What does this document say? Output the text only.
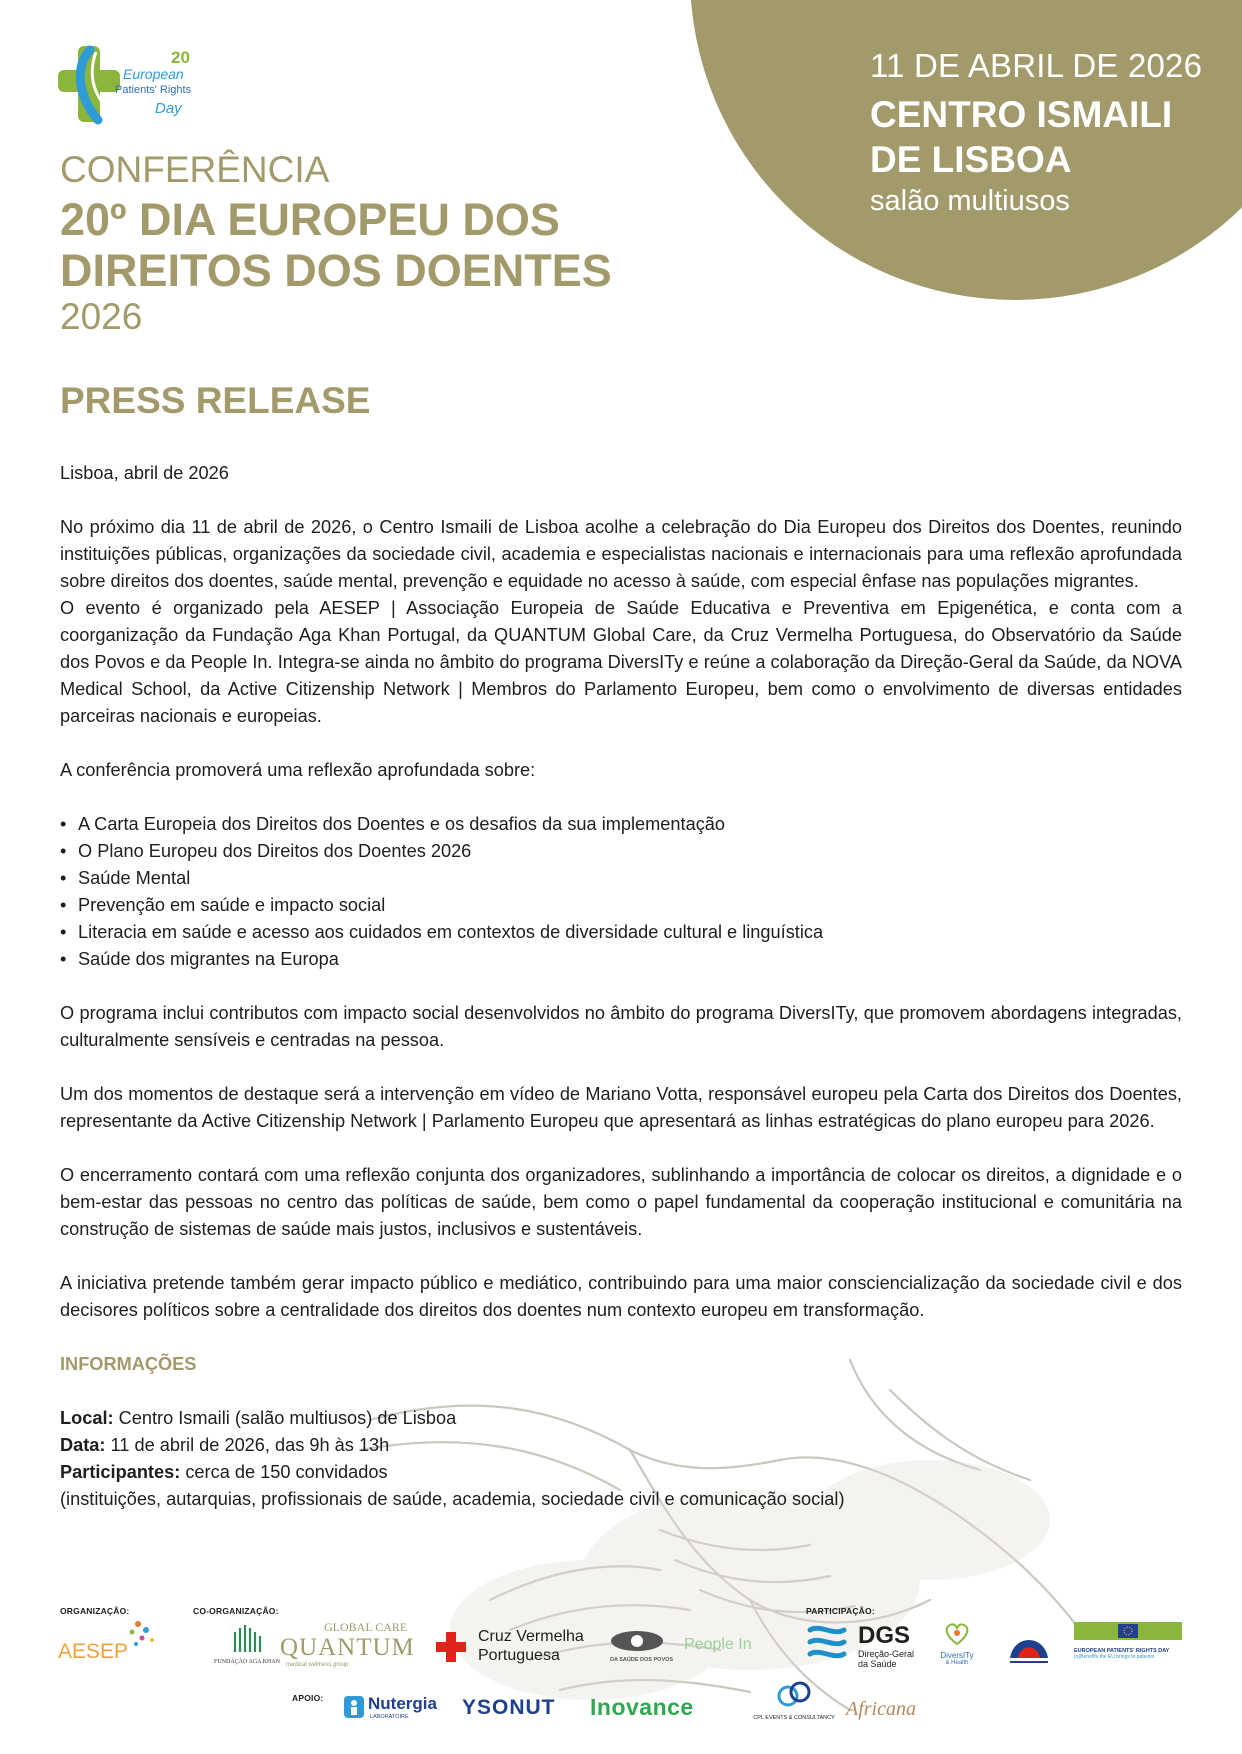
11 DE ABRIL DE 2026
CENTRO ISMAILI
DE LISBOA
salão multiusos
20
European
Patients' Rights
Day
CONFERÊNCIA
20º DIA EUROPEU DOS
DIREITOS DOS DOENTES
2026
PRESS RELEASE

Lisboa, abril de 2026

No próximo dia 11 de abril de 2026, o Centro Ismaili de Lisboa acolhe a celebração do Dia Europeu dos Direitos dos Doentes, reunindo instituições públicas, organizações da sociedade civil, academia e especialistas nacionais e internacionais para uma reflexão aprofundada sobre direitos dos doentes, saúde mental, prevenção e equidade no acesso à saúde, com especial ênfase nas populações migrantes.

O evento é organizado pela AESEP | Associação Europeia de Saúde Educativa e Preventiva em Epigenética, e conta com a coorganização da Fundação Aga Khan Portugal, da QUANTUM Global Care, da Cruz Vermelha Portuguesa, do Observatório da Saúde dos Povos e da People In. Integra-se ainda no âmbito do programa DiversITy e reúne a colaboração da Direção-Geral da Saúde, da NOVA Medical School, da Active Citizenship Network | Membros do Parlamento Europeu, bem como o envolvimento de diversas entidades parceiras nacionais e europeias.

A conferência promoverá uma reflexão aprofundada sobre:

• A Carta Europeia dos Direitos dos Doentes e os desafios da sua implementação
• O Plano Europeu dos Direitos dos Doentes 2026
• Saúde Mental
• Prevenção em saúde e impacto social
• Literacia em saúde e acesso aos cuidados em contextos de diversidade cultural e linguística
• Saúde dos migrantes na Europa

O programa inclui contributos com impacto social desenvolvidos no âmbito do programa DiversITy, que promovem abordagens integradas, culturalmente sensíveis e centradas na pessoa.

Um dos momentos de destaque será a intervenção em vídeo de Mariano Votta, responsável europeu pela Carta dos Direitos dos Doentes, representante da Active Citizenship Network | Parlamento Europeu que apresentará as linhas estratégicas do plano europeu para 2026.

O encerramento contará com uma reflexão conjunta dos organizadores, sublinhando a importância de colocar os direitos, a dignidade e o bem-estar das pessoas no centro das políticas de saúde, bem como o papel fundamental da cooperação institucional e comunitária na construção de sistemas de saúde mais justos, inclusivos e sustentáveis.

A iniciativa pretende também gerar impacto público e mediático, contribuindo para uma maior consciencialização da sociedade civil e dos decisores políticos sobre a centralidade dos direitos dos doentes num contexto europeu em transformação.

INFORMAÇÕES

Local: Centro Ismaili (salão multiusos) de Lisboa

Data: 11 de abril de 2026, das 9h às 13h

Participantes: cerca de 150 convidados

(instituições, autarquias, profissionais de saúde, academia, sociedade civil e comunicação social)

ORGANIZAÇÃO:	CO-ORGANIZAÇÃO:	PARTICIPAÇÃO:
APOIO:
AESEP	FUNDAÇÃO AGA KHAN
GLOBAL CARE
QUANTUM
medical wellness group
Cruz Vermelha
Portuguesa	DA SAÚDE DOS POVOS
People In	DGS
Direção-Geral
da Saúde
DiversITy
& Health
EUROPEAN PATIENTS' RIGHTS DAY
(o)Benefits the EU brings to patients
Nutergia
LABORATOIRE	YSONUT Inovance	CPL EVENTS & CONSULTANCY Africana
